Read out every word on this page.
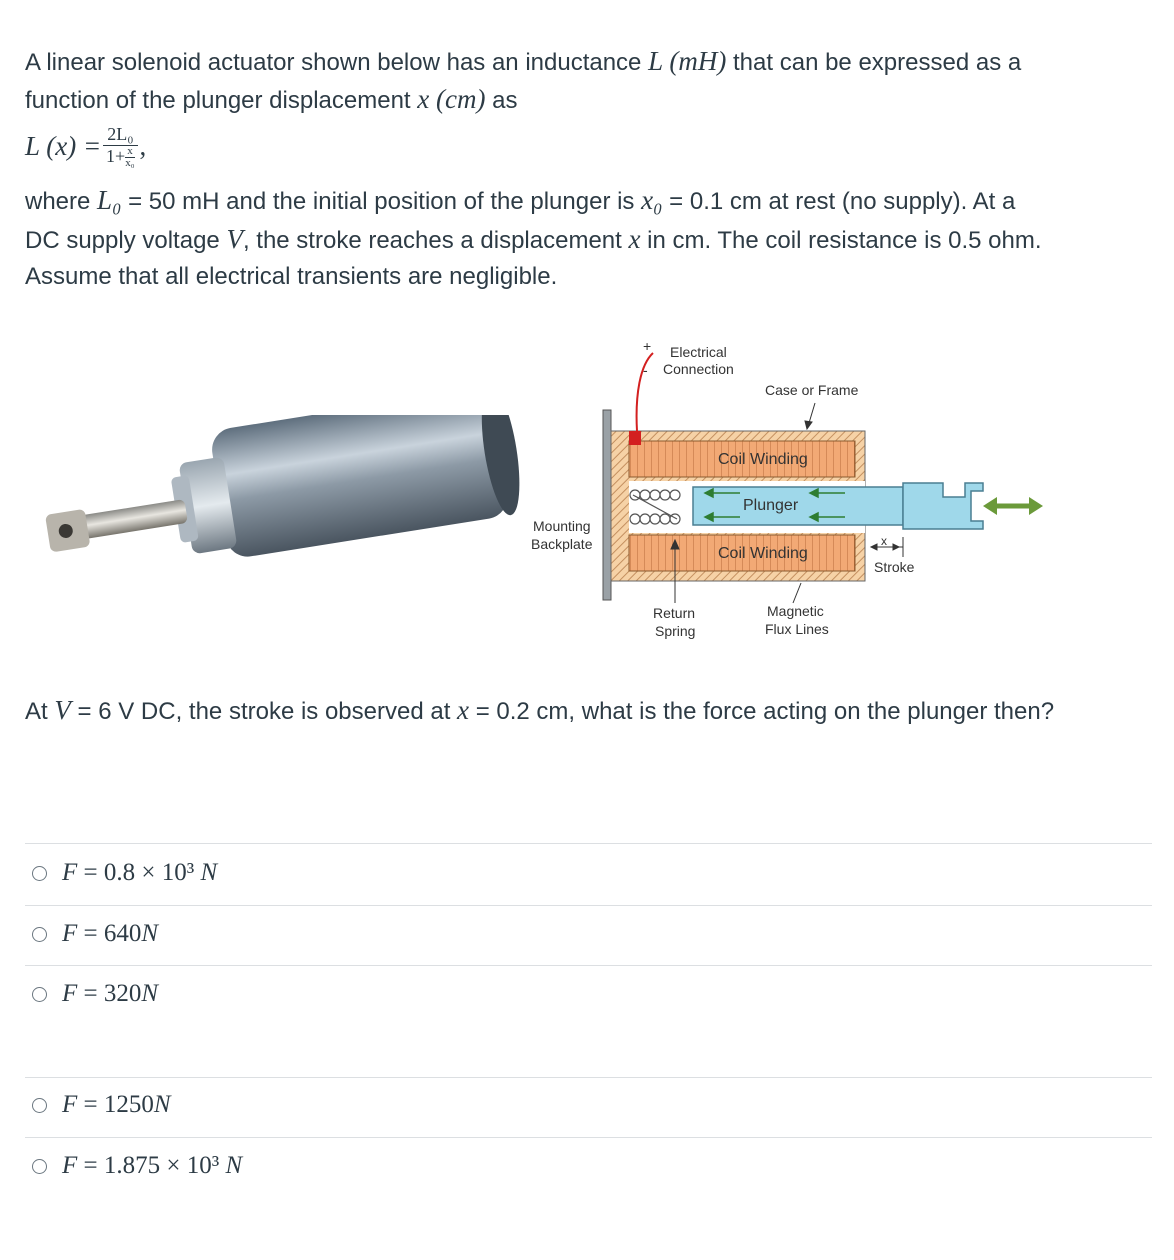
A linear solenoid actuator shown below has an inductance L (mH) that can be expressed as a

function of the plunger displacement x (cm) as

L $(x) = \frac{\text{2L₀}}{1+ \frac{x}{\text{x₀}}}$ ,

where L₀ = 50 mH and the initial position of the plunger is x₀ = 0.1 cm at rest (no supply). At a

DC supply voltage V, the stroke reaches a displacement x in cm. The coil resistance is 0.5 ohm.

Assume that all electrical transients are negligible.

+
-
Electrical
Connection
Case or Frame
Coil Winding
Plunger
Coil Winding
Mounting
Backplate
Return
Spring
Magnetic
Flux Lines
x
Stroke

At V = 6 V DC, the stroke is observed at x = 0.2 cm, what is the force acting on the plunger then?

F = 0.8 × 10³ N
F = 640N
F = 320N
F = 1250N
F = 1.875 × 10³ N
